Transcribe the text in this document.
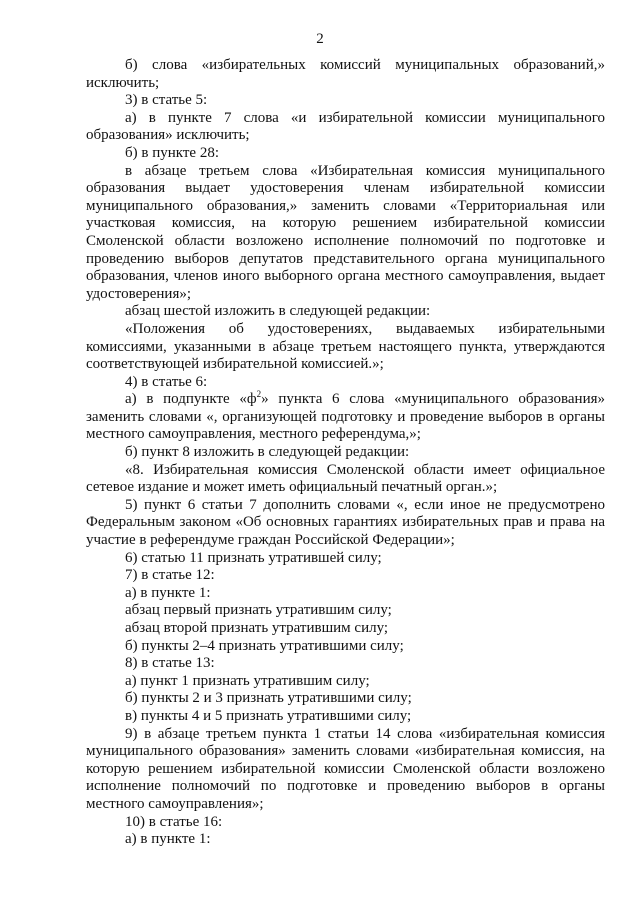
2

б) слова «избирательных комиссий муниципальных образований,» исключить;

3) в статье 5:

а) в пункте 7 слова «и избирательной комиссии муниципального образования» исключить;

б) в пункте 28:

в абзаце третьем слова «Избирательная комиссия муниципального образования выдает удостоверения членам избирательной комиссии муниципального образования,» заменить словами «Территориальная или участковая комиссия, на которую решением избирательной комиссии Смоленской области возложено исполнение полномочий по подготовке и проведению выборов депутатов представительного органа муниципального образования, членов иного выборного органа местного самоуправления, выдает удостоверения»;

абзац шестой изложить в следующей редакции:

«Положения об удостоверениях, выдаваемых избирательными комиссиями, указанными в абзаце третьем настоящего пункта, утверждаются соответствующей избирательной комиссией.»;

4) в статье 6:

а) в подпункте «$ф^2$» пункта 6 слова «муниципального образования» заменить словами «, организующей подготовку и проведение выборов в органы местного самоуправления, местного референдума,»;

б) пункт 8 изложить в следующей редакции:

«8. Избирательная комиссия Смоленской области имеет официальное сетевое издание и может иметь официальный печатный орган.»;

5) пункт 6 статьи 7 дополнить словами «, если иное не предусмотрено Федеральным законом «Об основных гарантиях избирательных прав и права на участие в референдуме граждан Российской Федерации»;

6) статью 11 признать утратившей силу;

7) в статье 12:

а) в пункте 1:

абзац первый признать утратившим силу;

абзац второй признать утратившим силу;

б) пункты 2–4 признать утратившими силу;

8) в статье 13:

а) пункт 1 признать утратившим силу;

б) пункты 2 и 3 признать утратившими силу;

в) пункты 4 и 5 признать утратившими силу;

9) в абзаце третьем пункта 1 статьи 14 слова «избирательная комиссия муниципального образования» заменить словами «избирательная комиссия, на которую решением избирательной комиссии Смоленской области возложено исполнение полномочий по подготовке и проведению выборов в органы местного самоуправления»;

10) в статье 16:

а) в пункте 1:
